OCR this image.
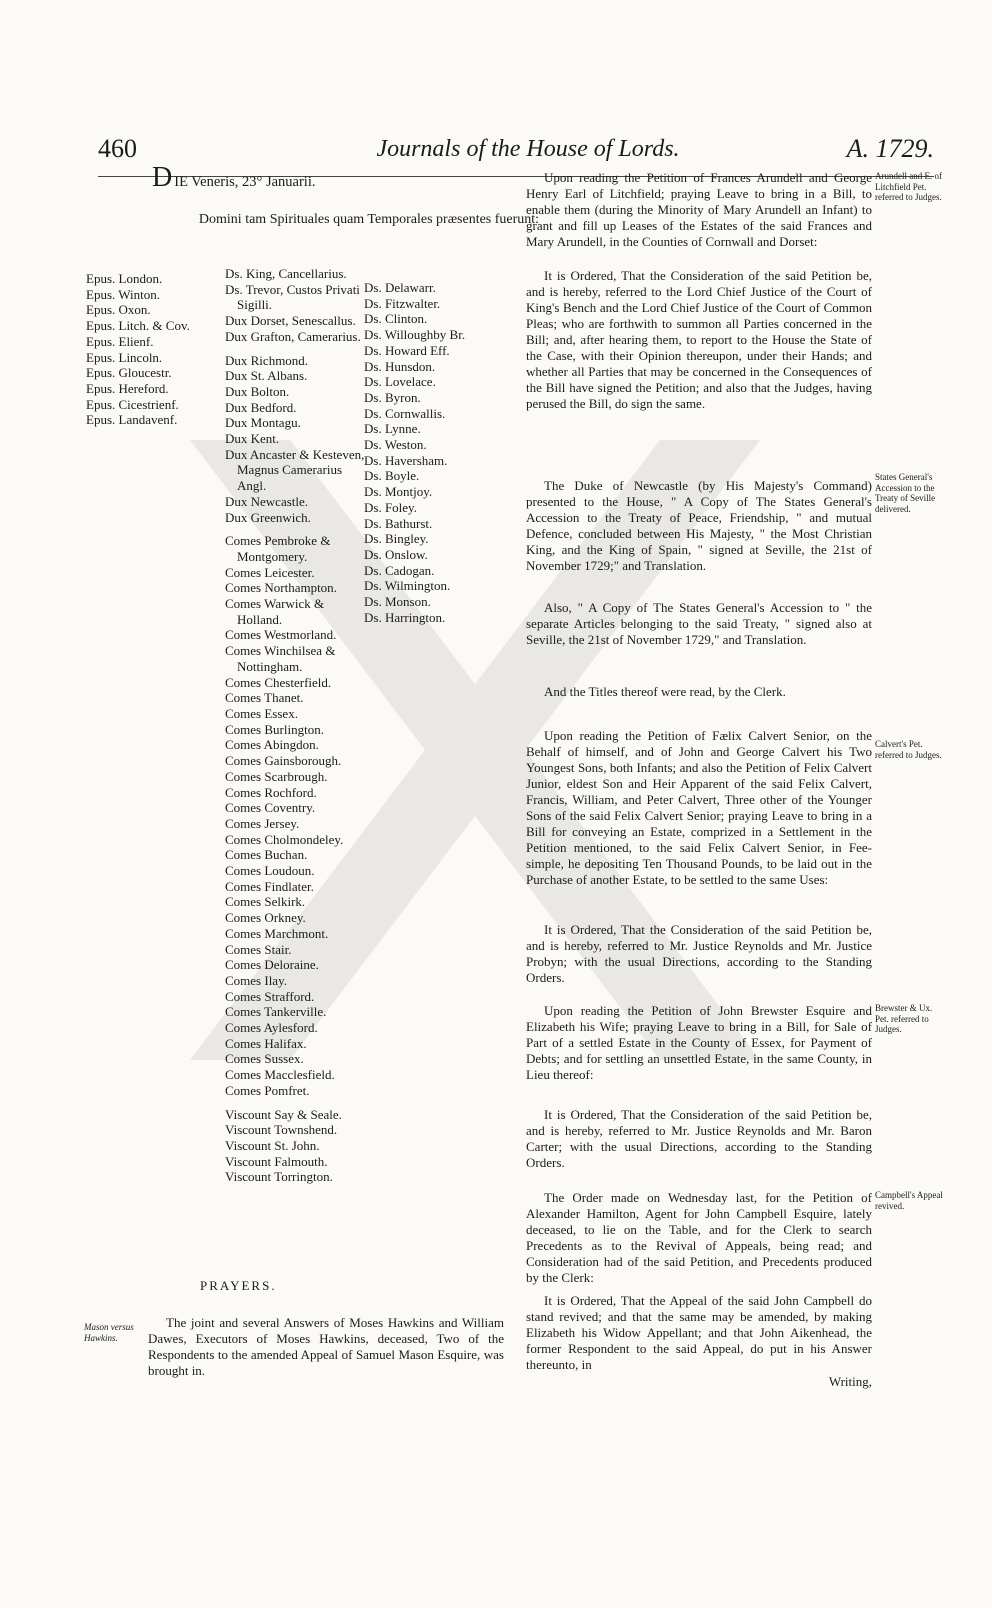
460	Journals of the House of Lords.	A. 1729.
DIE Veneris, 23° Januarii.
Domini tam Spirituales quam Temporales præsentes fuerunt:
Epus. London.
Epus. Winton.
Epus. Oxon.
Epus. Litch. & Cov.
Epus. Elienf.
Epus. Lincoln.
Epus. Gloucestr.
Epus. Hereford.
Epus. Cicestrienf.
Epus. Landavenf.
Ds. King, Cancellarius.
Ds. Trevor, Custos Privati Sigilli.
Dux Dorset, Senescallus.
Dux Grafton, Camerarius.
Dux Richmond.
Dux St. Albans.
Dux Bolton.
Dux Bedford.
Dux Montagu.
Dux Kent.
Dux Ancaster & Kesteven, Magnus Camerarius Angl.
Dux Newcastle.
Dux Greenwich.
Comes Pembroke & Montgomery.
Comes Leicester.
Comes Northampton.
Comes Warwick & Holland.
Comes Westmorland.
Comes Winchilsea & Nottingham.
Comes Chesterfield.
Comes Thanet.
Comes Essex.
Comes Burlington.
Comes Abingdon.
Comes Gainsborough.
Comes Scarbrough.
Comes Rochford.
Comes Coventry.
Comes Jersey.
Comes Cholmondeley.
Comes Buchan.
Comes Loudoun.
Comes Findlater.
Comes Selkirk.
Comes Orkney.
Comes Marchmont.
Comes Stair.
Comes Deloraine.
Comes Ilay.
Comes Strafford.
Comes Tankerville.
Comes Aylesford.
Comes Halifax.
Comes Sussex.
Comes Macclesfield.
Comes Pomfret.
Viscount Say & Seale.
Viscount Townshend.
Viscount St. John.
Viscount Falmouth.
Viscount Torrington.
Ds. Delawarr.
Ds. Fitzwalter.
Ds. Clinton.
Ds. Willoughby Br.
Ds. Howard Eff.
Ds. Hunsdon.
Ds. Lovelace.
Ds. Byron.
Ds. Cornwallis.
Ds. Lynne.
Ds. Weston.
Ds. Haversham.
Ds. Boyle.
Ds. Montjoy.
Ds. Foley.
Ds. Bathurst.
Ds. Bingley.
Ds. Onslow.
Ds. Cadogan.
Ds. Wilmington.
Ds. Monson.
Ds. Harrington.
PRAYERS.
Mason versus Hawkins.
The joint and several Answers of Moses Hawkins and William Dawes, Executors of Moses Hawkins, deceased, Two of the Respondents to the amended Appeal of Samuel Mason Esquire, was brought in.
Arundell and E. of Litchfield Pet. referred to Judges.
Upon reading the Petition of Frances Arundell and George Henry Earl of Litchfield; praying Leave to bring in a Bill, to enable them (during the Minority of Mary Arundell an Infant) to grant and fill up Leases of the Estates of the said Frances and Mary Arundell, in the Counties of Cornwall and Dorset:
It is Ordered, That the Consideration of the said Petition be, and is hereby, referred to the Lord Chief Justice of the Court of King's Bench and the Lord Chief Justice of the Court of Common Pleas; who are forthwith to summon all Parties concerned in the Bill; and, after hearing them, to report to the House the State of the Case, with their Opinion thereupon, under their Hands; and whether all Parties that may be concerned in the Consequences of the Bill have signed the Petition; and also that the Judges, having perused the Bill, do sign the same.
States General's Accession to the Treaty of Seville delivered.
The Duke of Newcastle (by His Majesty's Command) presented to the House, " A Copy of The States General's Accession to the Treaty of Peace, Friendship, " and mutual Defence, concluded between His Majesty, " the Most Christian King, and the King of Spain, " signed at Seville, the 21st of November 1729;" and Translation.
Also, " A Copy of The States General's Accession to " the separate Articles belonging to the said Treaty, " signed also at Seville, the 21st of November 1729," and Translation.
And the Titles thereof were read, by the Clerk.
Calvert's Pet. referred to Judges.
Upon reading the Petition of Fælix Calvert Senior, on the Behalf of himself, and of John and George Calvert his Two Youngest Sons, both Infants; and also the Petition of Felix Calvert Junior, eldest Son and Heir Apparent of the said Felix Calvert, Francis, William, and Peter Calvert, Three other of the Younger Sons of the said Felix Calvert Senior; praying Leave to bring in a Bill for conveying an Estate, comprized in a Settlement in the Petition mentioned, to the said Felix Calvert Senior, in Fee-simple, he depositing Ten Thousand Pounds, to be laid out in the Purchase of another Estate, to be settled to the same Uses:
It is Ordered, That the Consideration of the said Petition be, and is hereby, referred to Mr. Justice Reynolds and Mr. Justice Probyn; with the usual Directions, according to the Standing Orders.
Brewster & Ux. Pet. referred to Judges.
Upon reading the Petition of John Brewster Esquire and Elizabeth his Wife; praying Leave to bring in a Bill, for Sale of Part of a settled Estate in the County of Essex, for Payment of Debts; and for settling an unsettled Estate, in the same County, in Lieu thereof:
It is Ordered, That the Consideration of the said Petition be, and is hereby, referred to Mr. Justice Reynolds and Mr. Baron Carter; with the usual Directions, according to the Standing Orders.
Campbell's Appeal revived.
The Order made on Wednesday last, for the Petition of Alexander Hamilton, Agent for John Campbell Esquire, lately deceased, to lie on the Table, and for the Clerk to search Precedents as to the Revival of Appeals, being read; and Consideration had of the said Petition, and Precedents produced by the Clerk:
It is Ordered, That the Appeal of the said John Campbell do stand revived; and that the same may be amended, by making Elizabeth his Widow Appellant; and that John Aikenhead, the former Respondent to the said Appeal, do put in his Answer thereunto, in
Writing,
